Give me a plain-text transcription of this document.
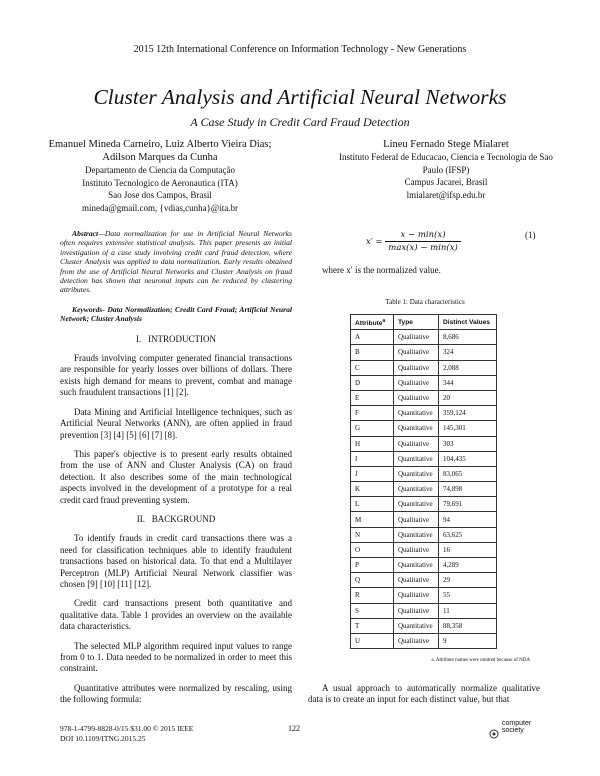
2015 12th International Conference on Information Technology - New Generations
Cluster Analysis and Artificial Neural Networks
A Case Study in Credit Card Fraud Detection
Emanuel Mineda Carneiro, Luiz Alberto Vieira Dias;
Adilson Marques da Cunha
Departamento de Ciencia da Computação
Instituto Tecnologico de Aeronautica (ITA)
Sao Jose dos Campos, Brasil
mineda@gmail.com, {vdias,cunha}@ita.br
Lineu Fernado Stege Mialaret
Instituto Federal de Educacao, Ciencia e Tecnologia de Sao
Paulo (IFSP)
Campus Jacarei, Brasil
lmialaret@ifsp.edu.br
Abstract—Data normalization for use in Artificial Neural Networks often requires extensive statistical analysis. This paper presents an initial investigation of a case study involving credit card fraud detection, where Cluster Analysis was applied to data normalization. Early results obtained from the use of Artificial Neural Networks and Cluster Analysis on fraud detection has shown that neuronal inputs can be reduced by clustering attributes.
Keywords- Data Normalization; Credit Card Fraud; Artificial Neural Network; Cluster Analysis
I. INTRODUCTION

Frauds involving computer generated financial transactions are responsible for yearly losses over billions of dollars. There exists high demand for means to prevent, combat and manage such fraudulent transactions [1] [2].

Data Mining and Artificial Intelligence techniques, such as Artificial Neural Networks (ANN), are often applied in fraud prevention [3] [4] [5] [6] [7] [8].

This paper's objective is to present early results obtained from the use of ANN and Cluster Analysis (CA) on fraud detection. It also describes some of the main technological aspects involved in the development of a prototype for a real credit card fraud preventing system.

II. BACKGROUND

To identify frauds in credit card transactions there was a need for classification techniques able to identify fraudulent transactions based on historical data. To that end a Multilayer Perceptron (MLP) Artificial Neural Network classifier was chosen [9] [10] [11] [12].

Credit card transactions present both quantitative and qualitative data. Table 1 provides an overview on the available data characteristics.

The selected MLP algorithm required input values to range from 0 to 1. Data needed to be normalized in order to meet this constraint.

Quantitative attributes were normalized by rescaling, using the following formula:

$x' = \frac{x - \min(x)}{\max(x) - \min(x)}$	(1)
where x′ is the normalized value.
Table 1: Data characteristics
Attribute$^a$	Type	Distinct Values
A	Qualitative	8,686
B	Qualitative	324
C	Qualitative	2,088
D	Qualitative	344
E	Qualitative	20
F	Quantitative	359,124
G	Quantitative	145,301
H	Qualitative	303
I	Quantitative	104,435
J	Quantitative	83,065
K	Quantitative	74,898
L	Quantitative	79,691
M	Qualitative	94
N	Quantitative	63,625
O	Qualitative	16
P	Quantitative	4,289
Q	Qualitative	29
R	Qualitative	55
S	Qualitative	11
T	Quantitative	88,358
U	Qualitative	9
a. Attribute names were omitted because of NDA

A usual approach to automatically normalize qualitative data is to create an input for each distinct value, but that

978-1-4799-8828-0/15 $31.00 © 2015 IEEE
DOI 10.1109/ITNG.2015.25
122
computer society
